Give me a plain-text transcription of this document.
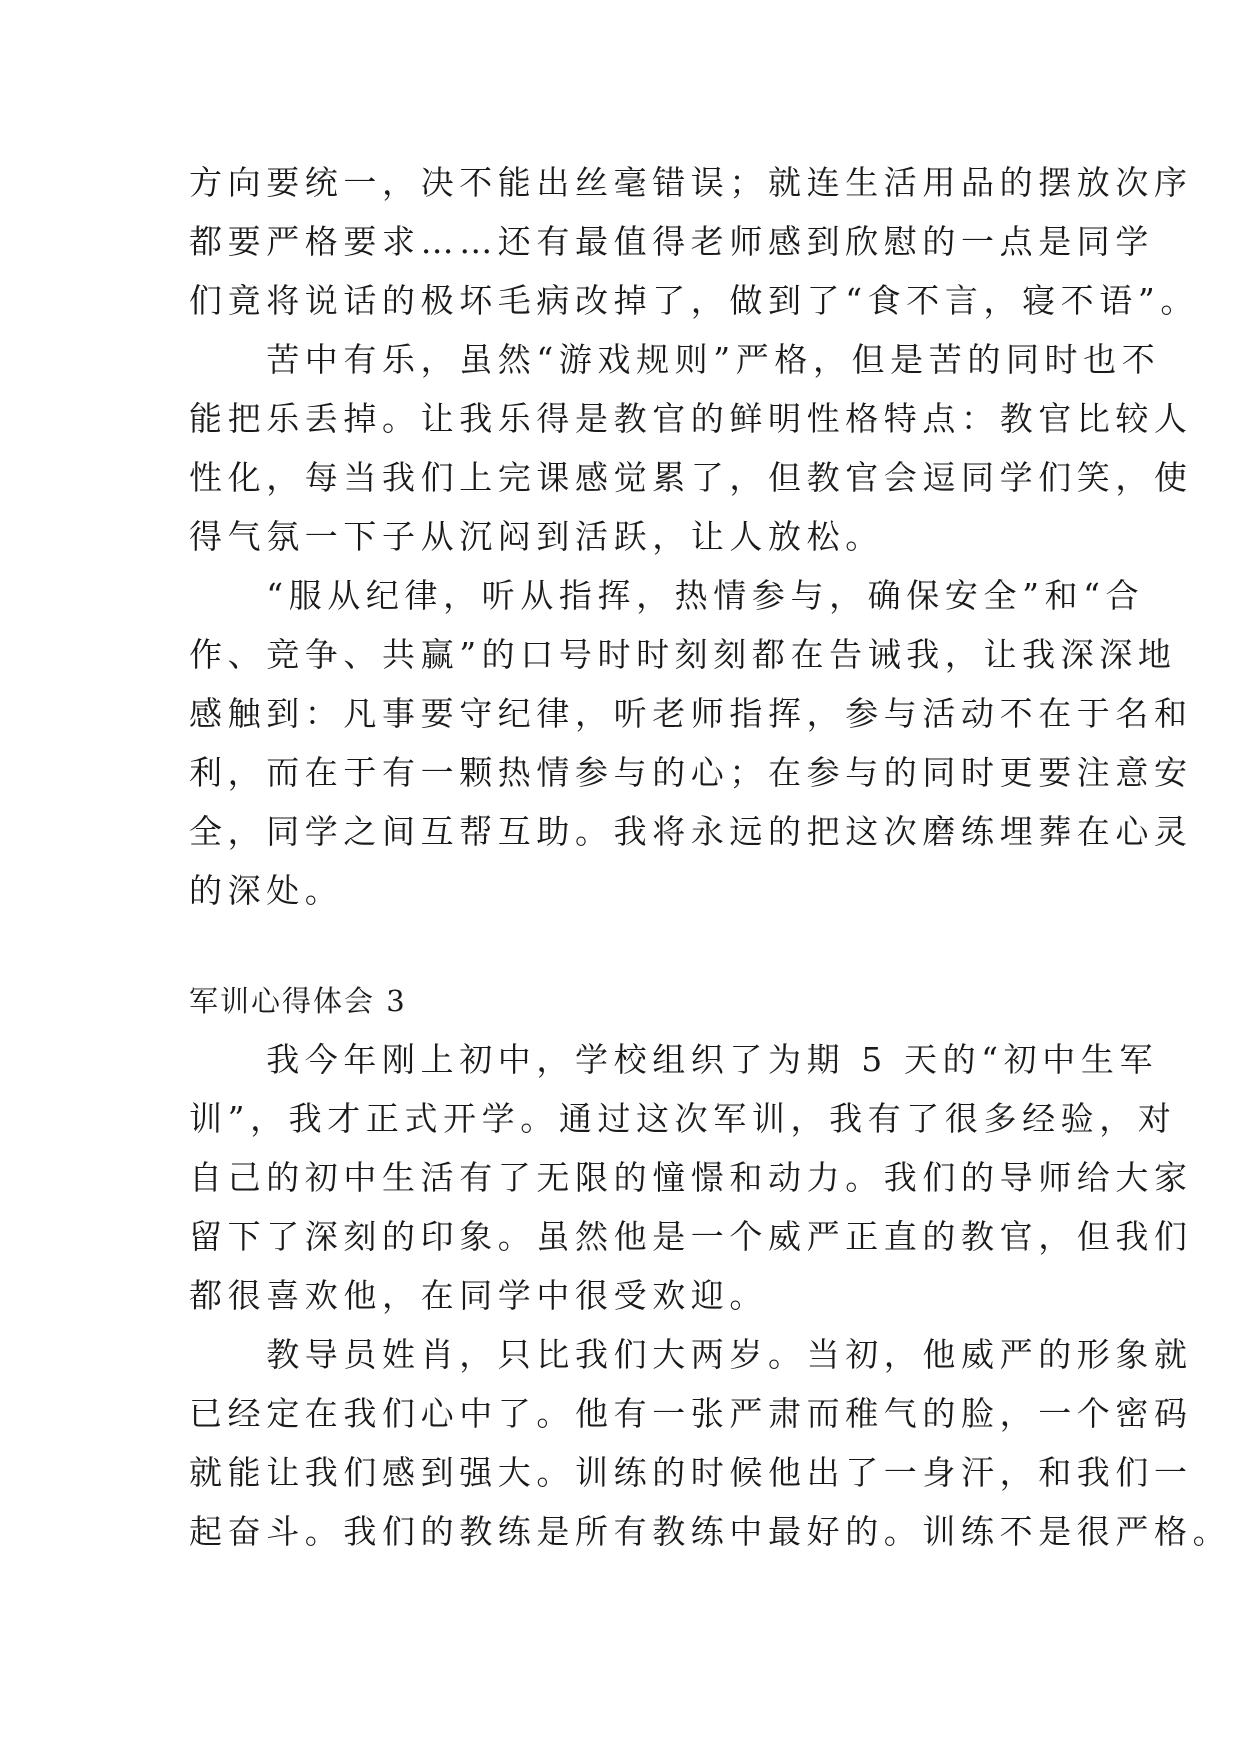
方向要统一，决不能出丝毫错误；就连生活用品的摆放次序
都要严格要求……还有最值得老师感到欣慰的一点是同学
们竟将说话的极坏毛病改掉了，做到了“食不言，寝不语”。
　　苦中有乐，虽然“游戏规则”严格，但是苦的同时也不
能把乐丢掉。让我乐得是教官的鲜明性格特点：教官比较人
性化，每当我们上完课感觉累了，但教官会逗同学们笑，使
得气氛一下子从沉闷到活跃，让人放松。
　　“服从纪律，听从指挥，热情参与，确保安全”和“合
作、竞争、共赢”的口号时时刻刻都在告诫我，让我深深地
感触到：凡事要守纪律，听老师指挥，参与活动不在于名和
利，而在于有一颗热情参与的心；在参与的同时更要注意安
全，同学之间互帮互助。我将永远的把这次磨练埋葬在心灵
的深处。
军训心得体会 3
　　我今年刚上初中，学校组织了为期 5 天的“初中生军
训”，我才正式开学。通过这次军训，我有了很多经验，对
自己的初中生活有了无限的憧憬和动力。我们的导师给大家
留下了深刻的印象。虽然他是一个威严正直的教官，但我们
都很喜欢他，在同学中很受欢迎。
　　教导员姓肖，只比我们大两岁。当初，他威严的形象就
已经定在我们心中了。他有一张严肃而稚气的脸，一个密码
就能让我们感到强大。训练的时候他出了一身汗，和我们一
起奋斗。我们的教练是所有教练中最好的。训练不是很严格。
